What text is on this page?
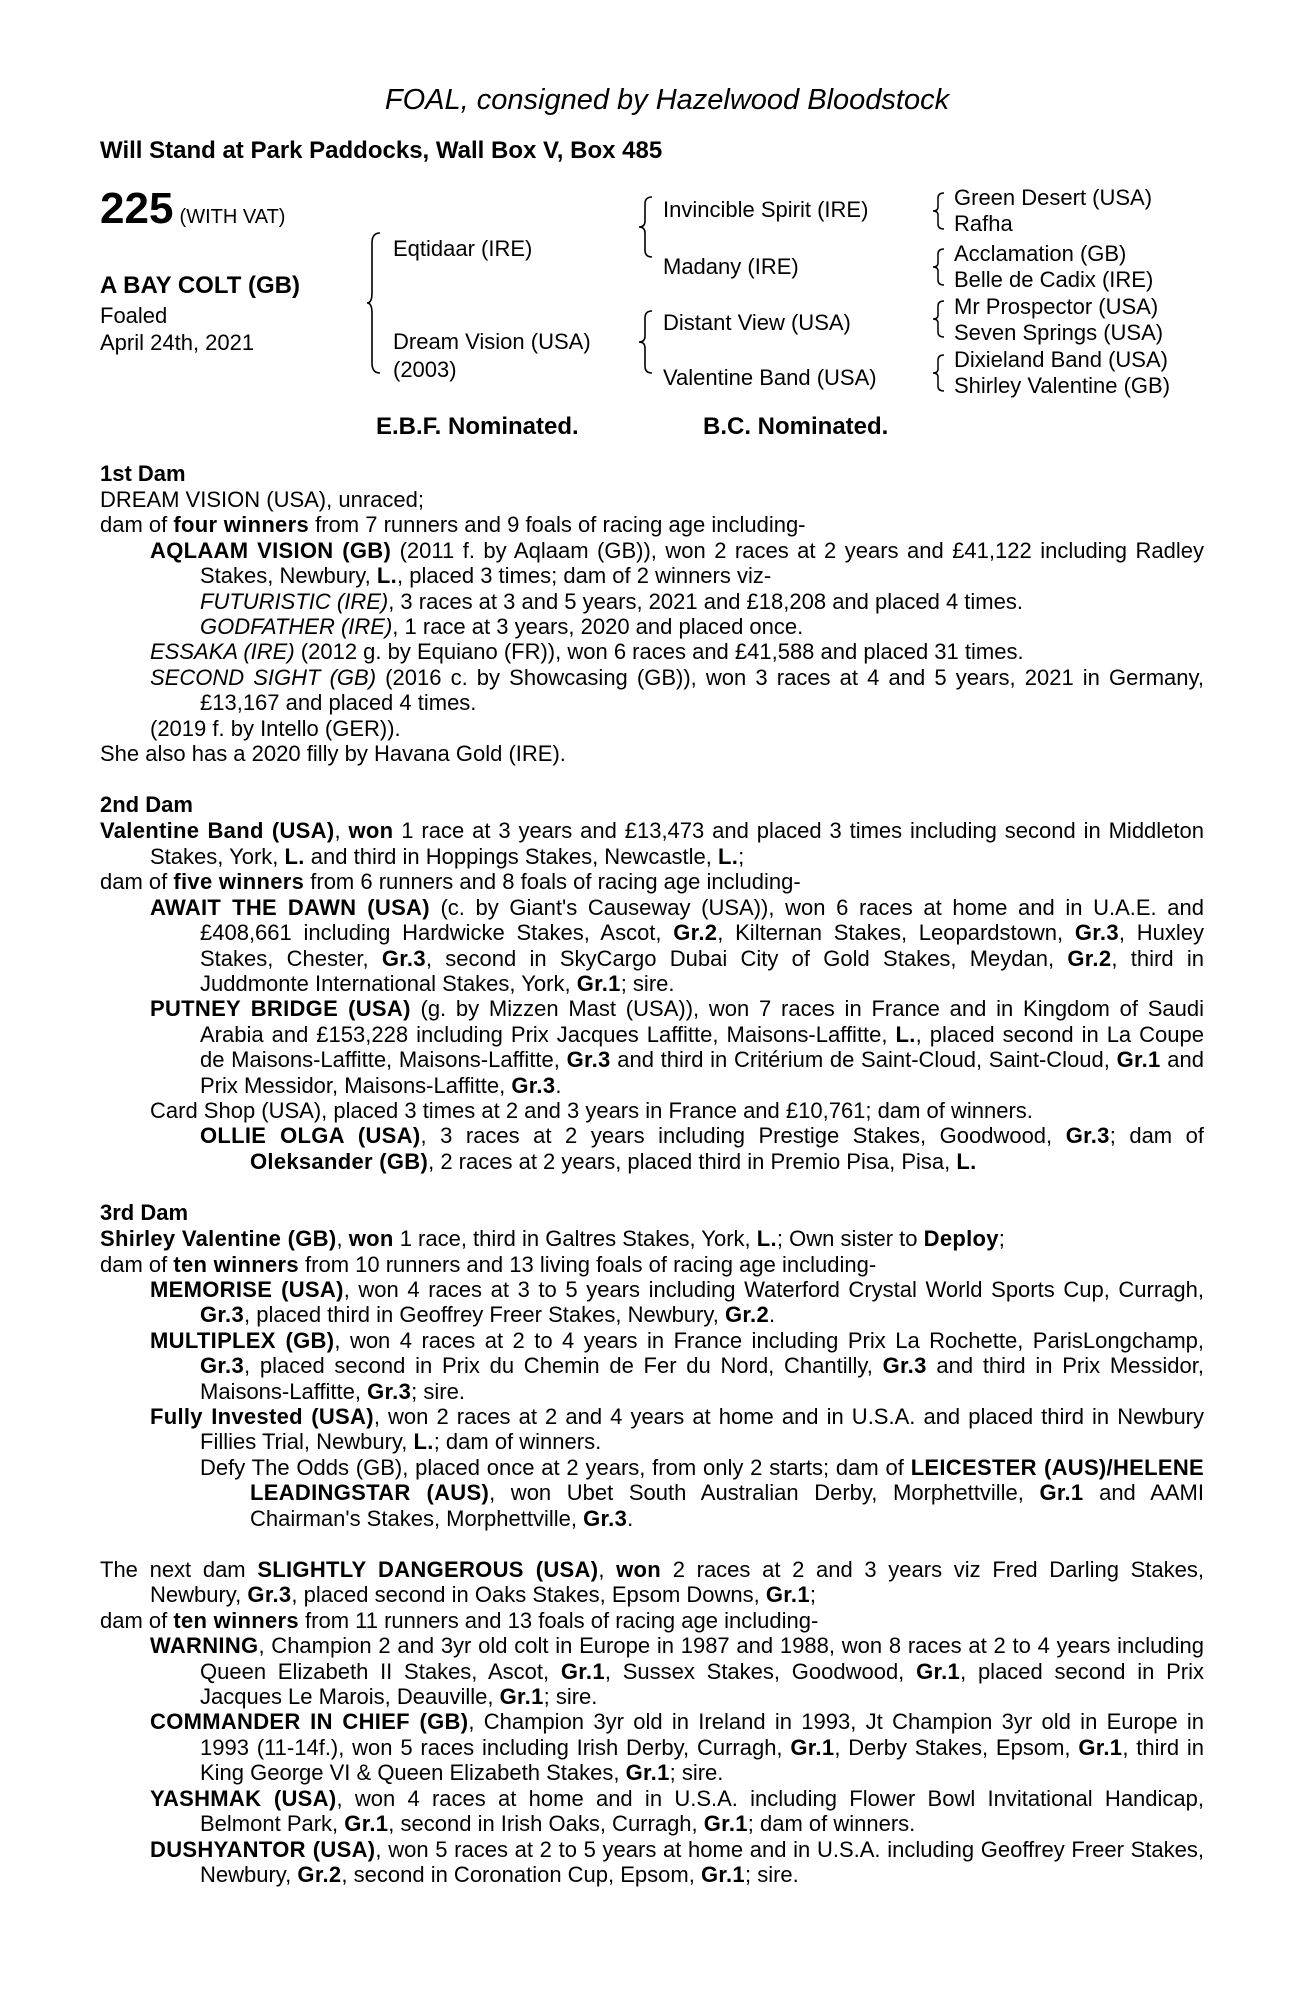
FOAL, consigned by Hazelwood Bloodstock
Will Stand at Park Paddocks, Wall Box V, Box 485
225 (WITH VAT)
A BAY COLT (GB)
Foaled
April 24th, 2021
Eqtidaar (IRE)
Dream Vision (USA)
(2003)
Invincible Spirit (IRE)
Madany (IRE)
Distant View (USA)
Valentine Band (USA)
Green Desert (USA)
Rafha
Acclamation (GB)
Belle de Cadix (IRE)
Mr Prospector (USA)
Seven Springs (USA)
Dixieland Band (USA)
Shirley Valentine (GB)
E.B.F. Nominated.	B.C. Nominated.
1st Dam

DREAM VISION (USA), unraced;

dam of four winners from 7 runners and 9 foals of racing age including-

AQLAAM VISION (GB) (2011 f. by Aqlaam (GB)), won 2 races at 2 years and £41,122 including Radley Stakes, Newbury, L., placed 3 times; dam of 2 winners viz-

FUTURISTIC (IRE), 3 races at 3 and 5 years, 2021 and £18,208 and placed 4 times.

GODFATHER (IRE), 1 race at 3 years, 2020 and placed once.

ESSAKA (IRE) (2012 g. by Equiano (FR)), won 6 races and £41,588 and placed 31 times.

SECOND SIGHT (GB) (2016 c. by Showcasing (GB)), won 3 races at 4 and 5 years, 2021 in Germany, £13,167 and placed 4 times.

(2019 f. by Intello (GER)).

She also has a 2020 filly by Havana Gold (IRE).

2nd Dam

Valentine Band (USA), won 1 race at 3 years and £13,473 and placed 3 times including second in Middleton Stakes, York, L. and third in Hoppings Stakes, Newcastle, L.;

dam of five winners from 6 runners and 8 foals of racing age including-

AWAIT THE DAWN (USA) (c. by Giant's Causeway (USA)), won 6 races at home and in U.A.E. and £408,661 including Hardwicke Stakes, Ascot, Gr.2, Kilternan Stakes, Leopardstown, Gr.3, Huxley Stakes, Chester, Gr.3, second in SkyCargo Dubai City of Gold Stakes, Meydan, Gr.2, third in Juddmonte International Stakes, York, Gr.1; sire.

PUTNEY BRIDGE (USA) (g. by Mizzen Mast (USA)), won 7 races in France and in Kingdom of Saudi Arabia and £153,228 including Prix Jacques Laffitte, Maisons-Laffitte, L., placed second in La Coupe de Maisons-Laffitte, Maisons-Laffitte, Gr.3 and third in Critérium de Saint-Cloud, Saint-Cloud, Gr.1 and Prix Messidor, Maisons-Laffitte, Gr.3.

Card Shop (USA), placed 3 times at 2 and 3 years in France and £10,761; dam of winners.

OLLIE OLGA (USA), 3 races at 2 years including Prestige Stakes, Goodwood, Gr.3; dam of Oleksander (GB), 2 races at 2 years, placed third in Premio Pisa, Pisa, L.

3rd Dam

Shirley Valentine (GB), won 1 race, third in Galtres Stakes, York, L.; Own sister to Deploy;

dam of ten winners from 10 runners and 13 living foals of racing age including-

MEMORISE (USA), won 4 races at 3 to 5 years including Waterford Crystal World Sports Cup, Curragh, Gr.3, placed third in Geoffrey Freer Stakes, Newbury, Gr.2.

MULTIPLEX (GB), won 4 races at 2 to 4 years in France including Prix La Rochette, ParisLongchamp, Gr.3, placed second in Prix du Chemin de Fer du Nord, Chantilly, Gr.3 and third in Prix Messidor, Maisons-Laffitte, Gr.3; sire.

Fully Invested (USA), won 2 races at 2 and 4 years at home and in U.S.A. and placed third in Newbury Fillies Trial, Newbury, L.; dam of winners.

Defy The Odds (GB), placed once at 2 years, from only 2 starts; dam of LEICESTER (AUS)/HELENE LEADINGSTAR (AUS), won Ubet South Australian Derby, Morphettville, Gr.1 and AAMI Chairman's Stakes, Morphettville, Gr.3.

The next dam SLIGHTLY DANGEROUS (USA), won 2 races at 2 and 3 years viz Fred Darling Stakes, Newbury, Gr.3, placed second in Oaks Stakes, Epsom Downs, Gr.1;

dam of ten winners from 11 runners and 13 foals of racing age including-

WARNING, Champion 2 and 3yr old colt in Europe in 1987 and 1988, won 8 races at 2 to 4 years including Queen Elizabeth II Stakes, Ascot, Gr.1, Sussex Stakes, Goodwood, Gr.1, placed second in Prix Jacques Le Marois, Deauville, Gr.1; sire.

COMMANDER IN CHIEF (GB), Champion 3yr old in Ireland in 1993, Jt Champion 3yr old in Europe in 1993 (11-14f.), won 5 races including Irish Derby, Curragh, Gr.1, Derby Stakes, Epsom, Gr.1, third in King George VI & Queen Elizabeth Stakes, Gr.1; sire.

YASHMAK (USA), won 4 races at home and in U.S.A. including Flower Bowl Invitational Handicap, Belmont Park, Gr.1, second in Irish Oaks, Curragh, Gr.1; dam of winners.

DUSHYANTOR (USA), won 5 races at 2 to 5 years at home and in U.S.A. including Geoffrey Freer Stakes, Newbury, Gr.2, second in Coronation Cup, Epsom, Gr.1; sire.
